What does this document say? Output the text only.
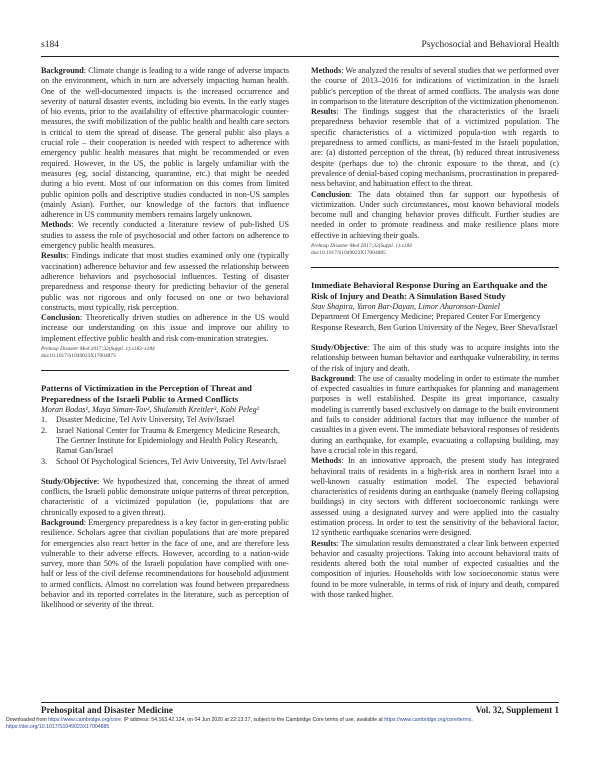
s184	Psychosocial and Behavioral Health

Background: Climate change is leading to a wide range of adverse impacts on the environment, which in turn are adversely impacting human health. One of the well-documented impacts is the increased occurrence and severity of natural disaster events, including bio events. In the early stages of bio events, prior to the availability of effective pharmacologic counter-measures, the swift mobilization of the public health and health care sectors is critical to stem the spread of disease. The general public also plays a crucial role – their cooperation is needed with respect to adherence with emergency public health measures that might be recommended or even required. However, in the US, the public is largely unfamiliar with the measures (eg, social distancing, quarantine, etc.) that might be needed during a bio event. Most of our information on this comes from limited public opinion polls and descriptive studies conducted in non-US samples (mainly Asian). Further, our knowledge of the factors that influence adherence in US community members remains largely unknown.

Methods: We recently conducted a literature review of pub-lished US studies to assess the role of psychosocial and other factors on adherence to emergency public health measures.

Results: Findings indicate that most studies examined only one (typically vaccination) adherence behavior and few assessed the relationship between adherence behaviors and psychosocial influences. Testing of disaster preparedness and response theory for predicting behavior of the general public was not rigorous and only focused on one or two behavioral constructs, most typically, risk perception.

Conclusion: Theoretically driven studies on adherence in the US would increase our understanding on this issue and improve our ability to implement effective public health and risk com-munication strategies.

Prehosp Disaster Med 2017;32(Suppl. 1):s183–s184
doi:10.1017/S1049023X17004873
Patterns of Victimization in the Perception of Threat and Preparedness of the Israeli Public to Armed Conflicts
Moran Bodas¹, Maya Siman-Tov², Shulamith Kreitler³, Kobi Peleg²
1.	Disaster Medicine, Tel Aviv University, Tel Aviv/Israel
2.	Israel National Center for Trauma & Emergency Medicine Research, The Gertner Institute for Epidemiology and Health Policy Research, Ramat Gan/Israel
3.	School Of Psychological Sciences, Tel Aviv University, Tel Aviv/Israel

Study/Objective: We hypothesized that, concerning the threat of armed conflicts, the Israeli public demonstrate unique patterns of threat perception, characteristic of a victimized population (ie, populations that are chronically exposed to a given threat).

Background: Emergency preparedness is a key factor in gen-erating public resilience. Scholars agree that civilian populations that are more prepared for emergencies also react better in the face of one, and are therefore less vulnerable to their adverse effects. However, according to a nation-wide survey, more than 50% of the Israeli population have complied with one-half or less of the civil defense recommendations for household adjustment to armed conflicts. Almost no correlation was found between preparedness behavior and its reported correlates in the literature, such as perception of likelihood or severity of the threat.

Methods: We analyzed the results of several studies that we performed over the course of 2013–2016 for indications of victimization in the Israeli public's perception of the threat of armed conflicts. The analysis was done in comparison to the literature description of the victimization phenomenon.

Results: The findings suggest that the characteristics of the Israeli preparedness behavior resemble that of a victimized population. The specific characteristics of a victimized popula-tion with regards to preparedness to armed conflicts, as mani-fested in the Israeli population, are: (a) distorted perception of the threat, (b) reduced threat intrusiveness despite (perhaps due to) the chronic exposure to the threat, and (c) prevalence of denial-based coping mechanisms, procrastination in prepared-ness behavior, and habituation effect to the threat.

Conclusion: The data obtained thus far support our hypothesis of victimization. Under such circumstances, most known behavioral models become null and changing behavior proves difficult. Further studies are needed in order to promote readiness and make resilience plans more effective in achieving their goals.

Prehosp Disaster Med 2017;32(Suppl. 1):s184
doi:10.1017/S1049023X17004885
Immediate Behavioral Response During an Earthquake and the Risk of Injury and Death: A Simulation Based Study
Stav Shapira, Yaron Bar-Dayan, Limor Aharonson-Daniel
Department Of Emergency Medicine; Prepared Center For Emergency Response Research, Ben Gurion University of the Negev, Beer Sheva/Israel

Study/Objective: The aim of this study was to acquire insights into the relationship between human behavior and earthquake vulnerability, in terms of the risk of injury and death.

Background: The use of casualty modeling in order to estimate the number of expected casualties in future earthquakes for planning and management purposes is well established. Despite its great importance, casualty modeling is currently based exclusively on damage to the built environment and fails to consider additional factors that may influence the number of casualties in a given event. The immediate behavioral responses of residents during an earthquake, for example, evacuating a collapsing building, may have a crucial role in this regard.

Methods: In an innovative approach, the present study has integrated behavioral traits of residents in a high-risk area in northern Israel into a well-known casualty estimation model. The expected behavioral characteristics of residents during an earthquake (namely fleeing collapsing buildings) in city sectors with different socioeconomic rankings were assessed using a designated survey and were applied into the casualty estimation process. In order to test the sensitivity of the behavioral factor, 12 synthetic earthquake scenarios were designed.

Results: The simulation results demonstrated a clear link between expected behavior and casualty projections. Taking into account behavioral traits of residents altered both the total number of expected casualties and the composition of injuries. Households with low socioeconomic status were found to be more vulnerable, in terms of risk of injury and death, compared with those ranked higher.

Prehospital and Disaster Medicine	Vol. 32, Supplement 1
Downloaded from https://www.cambridge.org/core. IP address: 54.163.42.124, on 04 Jun 2020 at 22:13:27, subject to the Cambridge Core terms of use, available at https://www.cambridge.org/core/terms.
https://doi.org/10.1017/S1049023X17004885
